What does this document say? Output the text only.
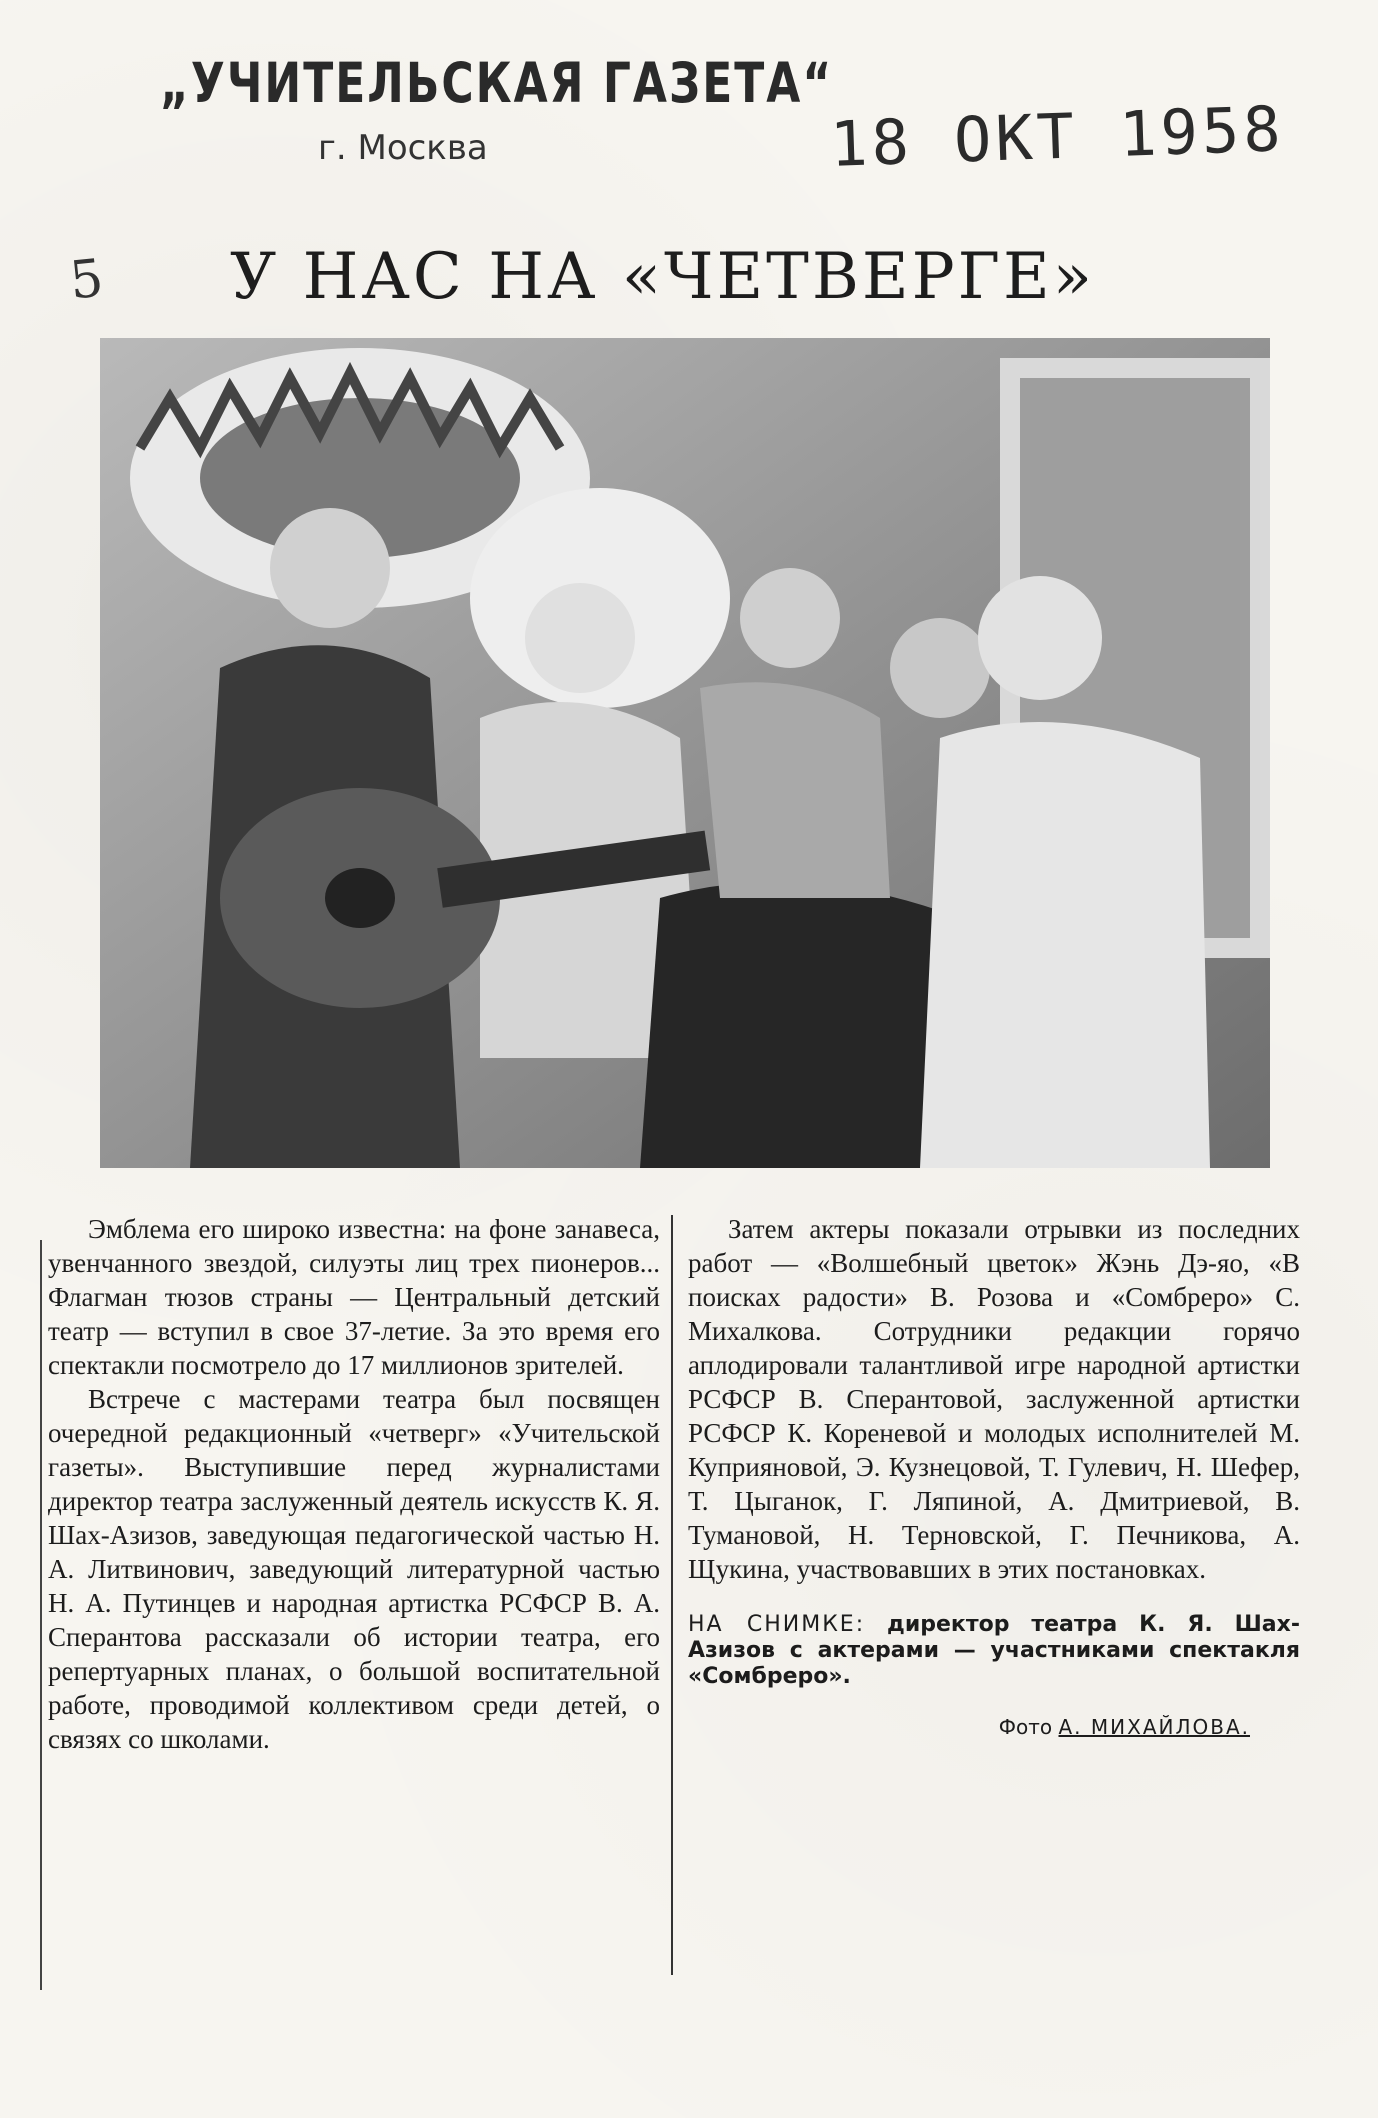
„УЧИТЕЛЬСКАЯ ГАЗЕТА“
г. Москва	18 ОКТ 1958
5 У НАС НА «ЧЕТВЕРГЕ»

Эмблема его широко известна: на фоне занавеса, увенчанного звездой, силуэты лиц трех пионеров... Флагман тюзов страны — Центральный детский театр — вступил в свое 37-летие. За это время его спектакли посмотрело до 17 миллионов зрителей.

Встрече с мастерами театра был посвящен очередной редакционный «четверг» «Учительской газеты». Выступившие перед журналистами директор театра заслуженный деятель искусств К. Я. Шах-Азизов, заведующая педагогической частью Н. А. Литвинович, заведующий литературной частью Н. А. Путинцев и народная артистка РСФСР В. А. Сперантова рассказали об истории театра, его репертуарных планах, о большой воспитательной работе, проводимой коллективом среди детей, о связях со школами.

Затем актеры показали отрывки из последних работ — «Волшебный цветок» Жэнь Дэ-яо, «В поисках радости» В. Розова и «Сомбреро» С. Михалкова. Сотрудники редакции горячо аплодировали талантливой игре народной артистки РСФСР В. Сперантовой, заслуженной артистки РСФСР К. Кореневой и молодых исполнителей М. Куприяновой, Э. Кузнецовой, Т. Гулевич, Н. Шефер, Т. Цыганок, Г. Ляпиной, А. Дмитриевой, В. Тумановой, Н. Терновской, Г. Печникова, А. Щукина, участвовавших в этих постановках.

НА СНИМКЕ: директор театра К. Я. Шах-Азизов с актерами — участниками спектакля «Сомбреро».
Фото А. МИХАЙЛОВА.
